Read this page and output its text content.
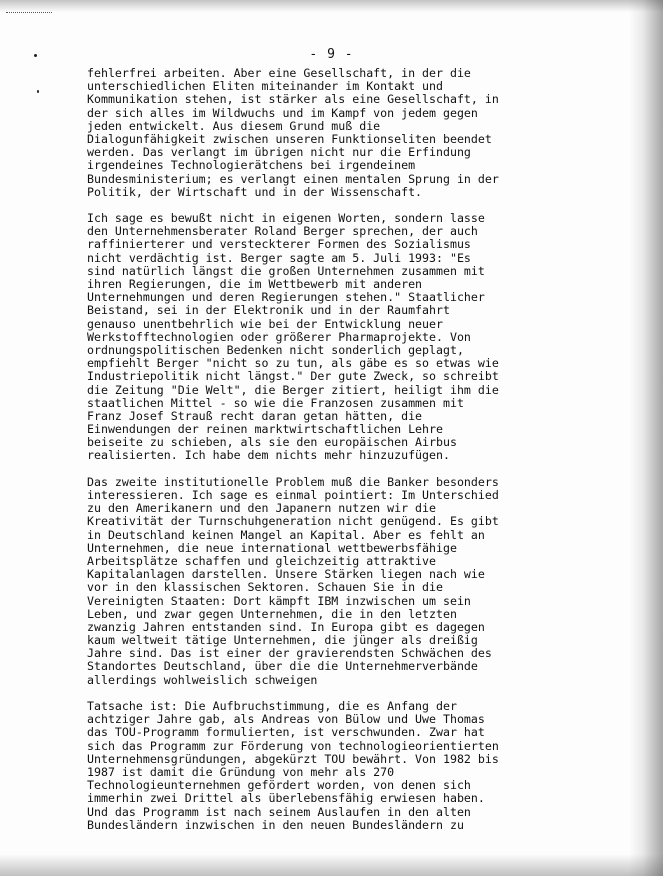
- 9 -
fehlerfrei arbeiten. Aber eine Gesellschaft, in der die
unterschiedlichen Eliten miteinander im Kontakt und
Kommunikation stehen, ist stärker als eine Gesellschaft, in
der sich alles im Wildwuchs und im Kampf von jedem gegen
jeden entwickelt. Aus diesem Grund muß die
Dialogunfähigkeit zwischen unseren Funktionseliten beendet
werden. Das verlangt im übrigen nicht nur die Erfindung
irgendeines Technologierätchens bei irgendeinem
Bundesministerium; es verlangt einen mentalen Sprung in der
Politik, der Wirtschaft und in der Wissenschaft.
Ich sage es bewußt nicht in eigenen Worten, sondern lasse
den Unternehmensberater Roland Berger sprechen, der auch
raffinierterer und versteckterer Formen des Sozialismus
nicht verdächtig ist. Berger sagte am 5. Juli 1993: "Es
sind natürlich längst die großen Unternehmen zusammen mit
ihren Regierungen, die im Wettbewerb mit anderen
Unternehmungen und deren Regierungen stehen." Staatlicher
Beistand, sei in der Elektronik und in der Raumfahrt
genauso unentbehrlich wie bei der Entwicklung neuer
Werkstofftechnologien oder größerer Pharmaprojekte. Von
ordnungspolitischen Bedenken nicht sonderlich geplagt,
empfiehlt Berger "nicht so zu tun, als gäbe es so etwas wie
Industriepolitik nicht längst." Der gute Zweck, so schreibt
die Zeitung "Die Welt", die Berger zitiert, heiligt ihm die
staatlichen Mittel - so wie die Franzosen zusammen mit
Franz Josef Strauß recht daran getan hätten, die
Einwendungen der reinen marktwirtschaftlichen Lehre
beiseite zu schieben, als sie den europäischen Airbus
realisierten. Ich habe dem nichts mehr hinzuzufügen.
Das zweite institutionelle Problem muß die Banker besonders
interessieren. Ich sage es einmal pointiert: Im Unterschied
zu den Amerikanern und den Japanern nutzen wir die
Kreativität der Turnschuhgeneration nicht genügend. Es gibt
in Deutschland keinen Mangel an Kapital. Aber es fehlt an
Unternehmen, die neue international wettbewerbsfähige
Arbeitsplätze schaffen und gleichzeitig attraktive
Kapitalanlagen darstellen. Unsere Stärken liegen nach wie
vor in den klassischen Sektoren. Schauen Sie in die
Vereinigten Staaten: Dort kämpft IBM inzwischen um sein
Leben, und zwar gegen Unternehmen, die in den letzten
zwanzig Jahren entstanden sind. In Europa gibt es dagegen
kaum weltweit tätige Unternehmen, die jünger als dreißig
Jahre sind. Das ist einer der gravierendsten Schwächen des
Standortes Deutschland, über die die Unternehmerverbände
allerdings wohlweislich schweigen
Tatsache ist: Die Aufbruchstimmung, die es Anfang der
achtziger Jahre gab, als Andreas von Bülow und Uwe Thomas
das TOU-Programm formulierten, ist verschwunden. Zwar hat
sich das Programm zur Förderung von technologieorientierten
Unternehmensgründungen, abgekürzt TOU bewährt. Von 1982 bis
1987 ist damit die Gründung von mehr als 270
Technologieunternehmen gefördert worden, von denen sich
immerhin zwei Drittel als überlebensfähig erwiesen haben.
Und das Programm ist nach seinem Auslaufen in den alten
Bundesländern inzwischen in den neuen Bundesländern zu
